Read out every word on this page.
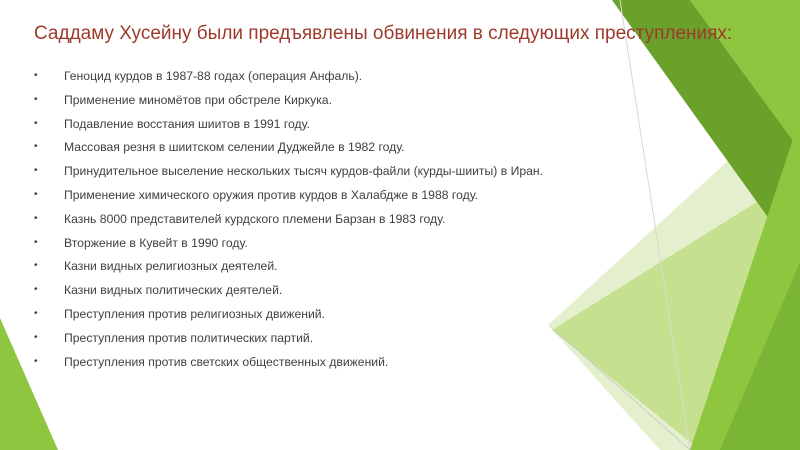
Саддаму Хусейну были предъявлены обвинения в следующих преступлениях:
•	Геноцид курдов в 1987-88 годах (операция Анфаль).
•	Применение миномётов при обстреле Киркука.
•	Подавление восстания шиитов в 1991 году.
•	Массовая резня в шиитском селении Дуджейле в 1982 году.
•	Принудительное выселение нескольких тысяч курдов-файли (курды-шииты) в Иран.
•	Применение химического оружия против курдов в Халабдже в 1988 году.
•	Казнь 8000 представителей курдского племени Барзан в 1983 году.
•	Вторжение в Кувейт в 1990 году.
•	Казни видных религиозных деятелей.
•	Казни видных политических деятелей.
•	Преступления против религиозных движений.
•	Преступления против политических партий.
•	Преступления против светских общественных движений.
